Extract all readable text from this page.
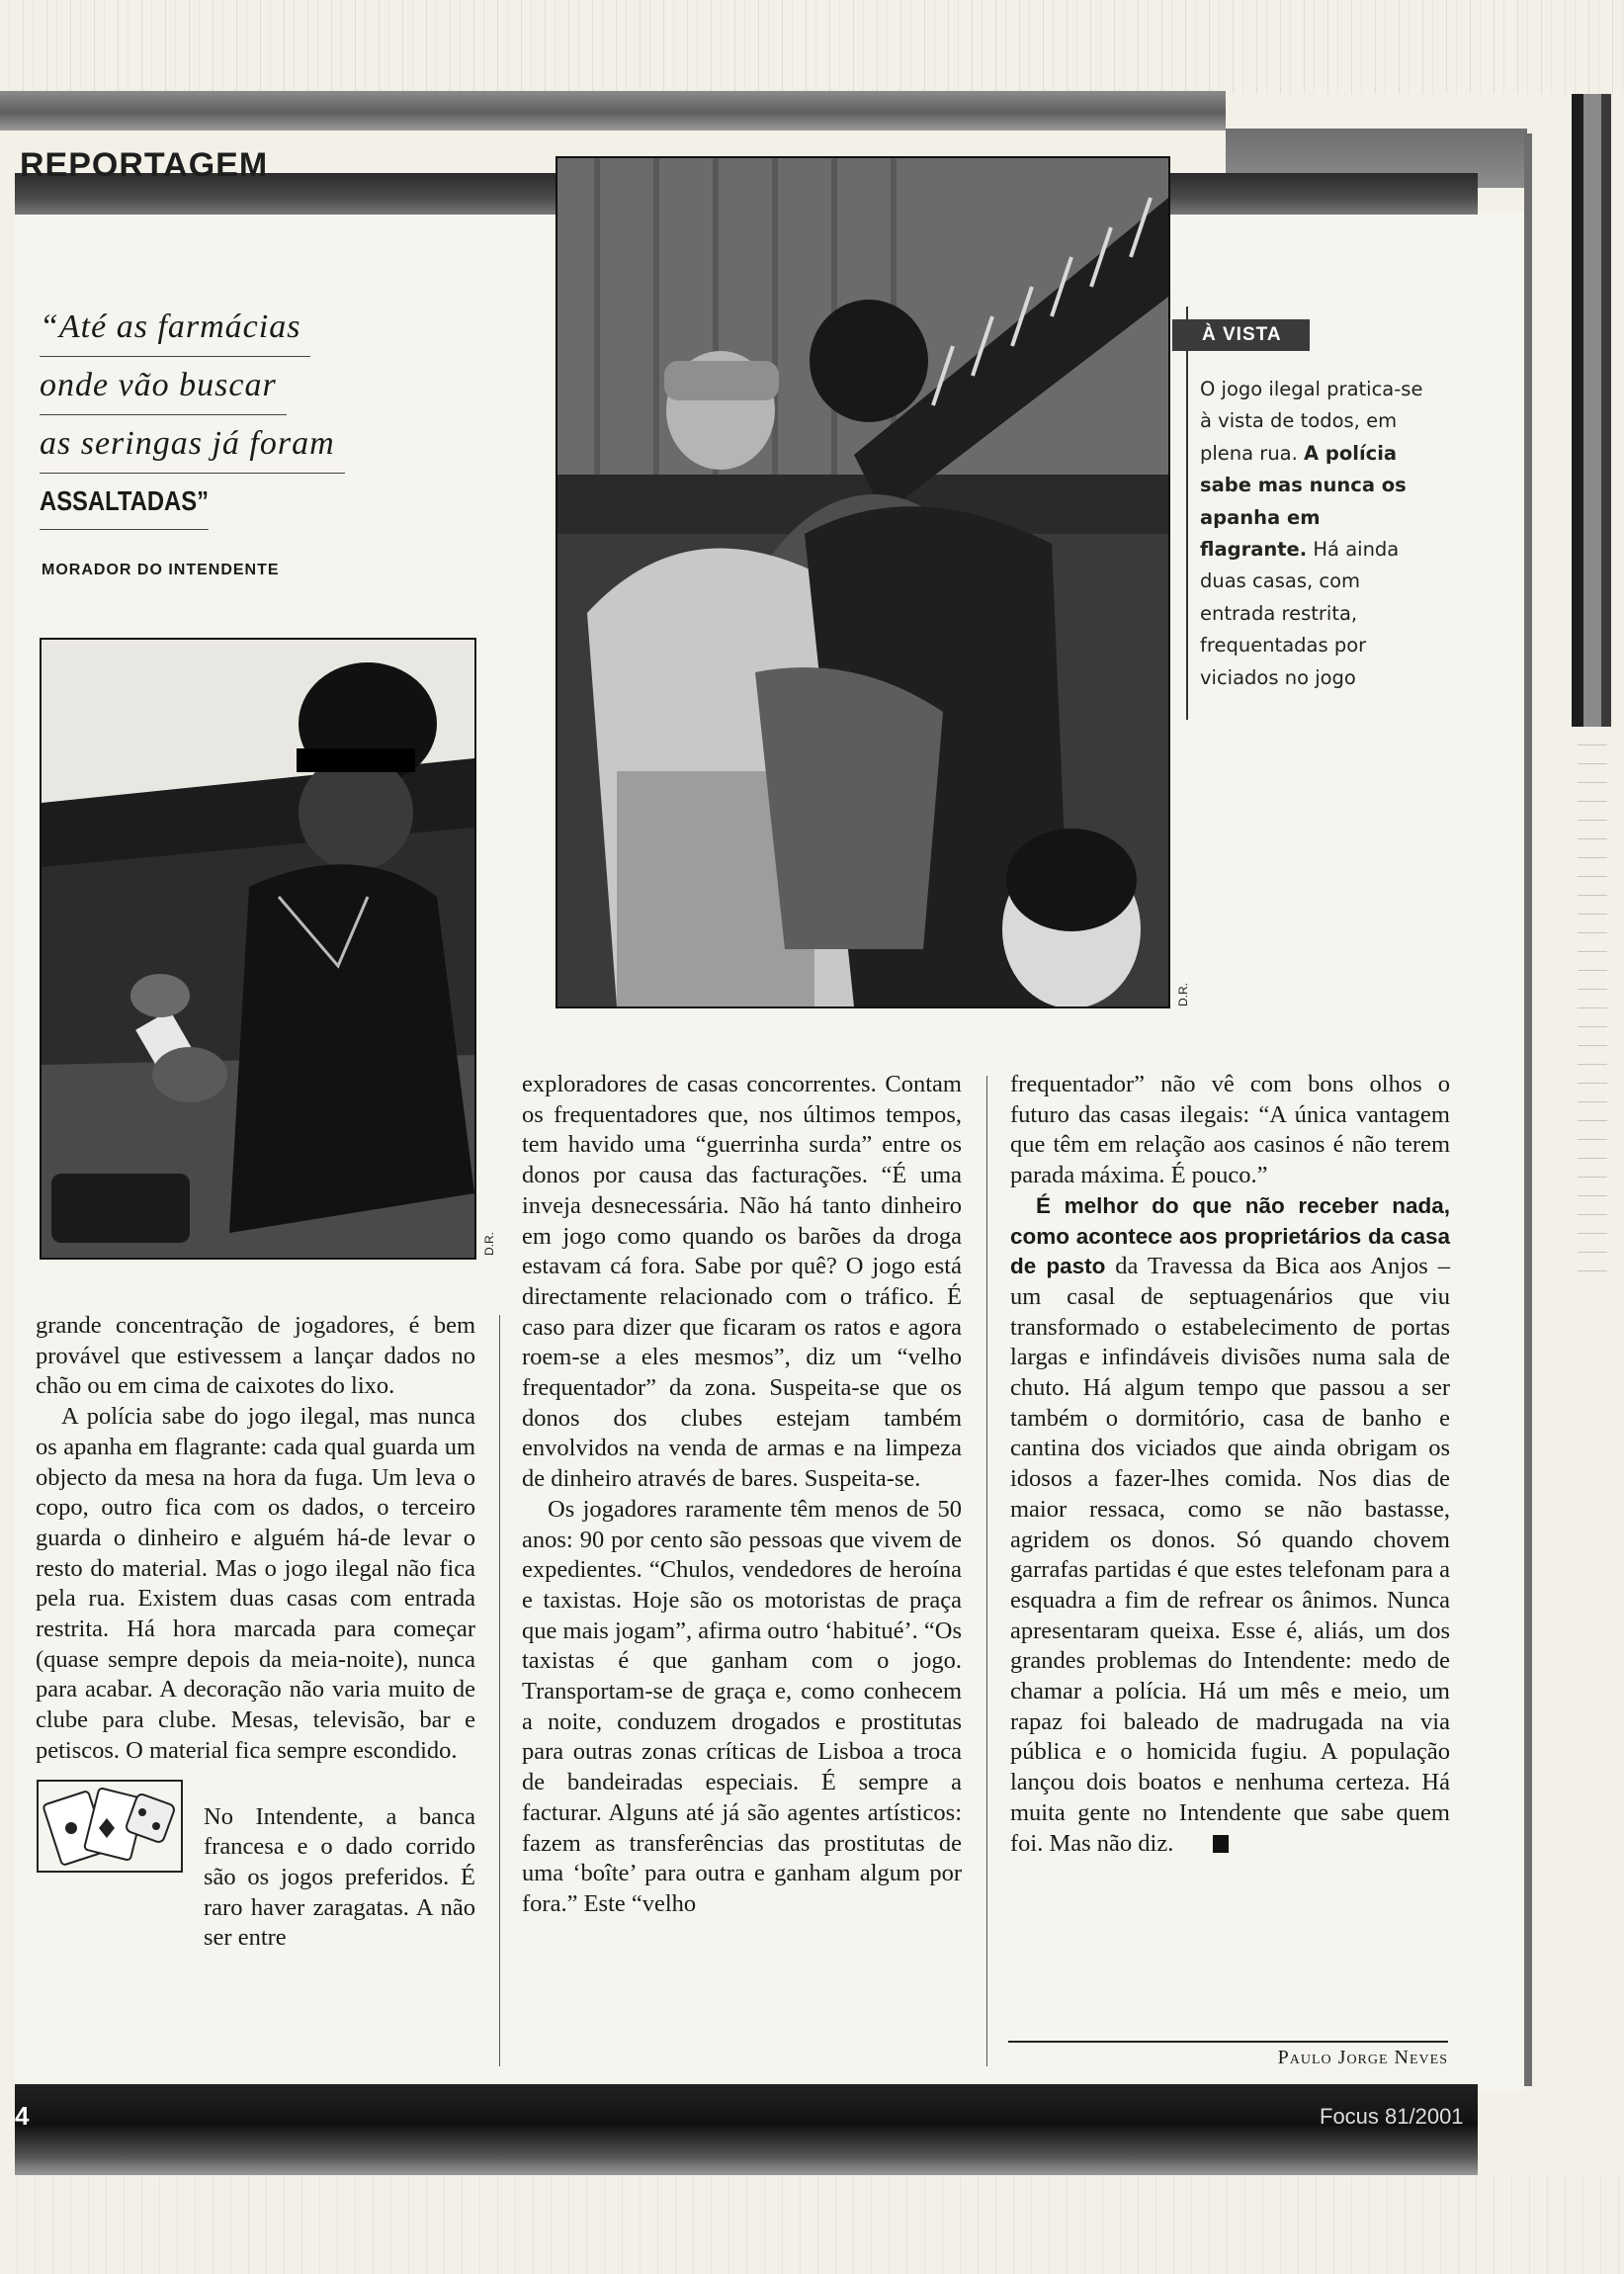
REPORTAGEM
4	Focus 81/2001
“Até as farmácias
onde vão buscar
as seringas já foram
ASSALTADAS”
MORADOR DO INTENDENTE
D.R.
D.R.
À VISTA
O jogo ilegal pratica-se à vista de todos, em plena rua. A polícia sabe mas nunca os apanha em flagrante. Há ainda duas casas, com entrada restrita, frequentadas por viciados no jogo

grande concentração de jogadores, é bem provável que estivessem a lançar dados no chão ou em cima de caixotes do lixo.

A polícia sabe do jogo ilegal, mas nunca os apanha em flagrante: cada qual guarda um objecto da mesa na hora da fuga. Um leva o copo, outro fica com os dados, o terceiro guarda o dinheiro e alguém há-de levar o resto do material. Mas o jogo ilegal não fica pela rua. Existem duas casas com entrada restrita. Há hora marcada para começar (quase sempre depois da meia-noite), nunca para acabar. A decoração não varia muito de clube para clube. Mesas, televisão, bar e petiscos. O material fica sempre escondido.

No Intendente, a banca francesa e o dado corrido são os jogos preferidos. É raro haver zaragatas. A não ser entre

exploradores de casas concorrentes. Contam os frequentadores que, nos últimos tempos, tem havido uma “guerrinha surda” entre os donos por causa das facturações. “É uma inveja desnecessária. Não há tanto dinheiro em jogo como quando os barões da droga estavam cá fora. Sabe por quê? O jogo está directamente relacionado com o tráfico. É caso para dizer que ficaram os ratos e agora roem-se a eles mesmos”, diz um “velho frequentador” da zona. Suspeita-se que os donos dos clubes estejam também envolvidos na venda de armas e na limpeza de dinheiro através de bares. Suspeita-se.

Os jogadores raramente têm menos de 50 anos: 90 por cento são pessoas que vivem de expedientes. “Chulos, vendedores de heroína e taxistas. Hoje são os motoristas de praça que mais jogam”, afirma outro ‘habitué’. “Os taxistas é que ganham com o jogo. Transportam-se de graça e, como conhecem a noite, conduzem drogados e prostitutas para outras zonas críticas de Lisboa a troca de bandeiradas especiais. É sempre a facturar. Alguns até já são agentes artísticos: fazem as transferências das prostitutas de uma ‘boîte’ para outra e ganham algum por fora.” Este “velho

frequentador” não vê com bons olhos o futuro das casas ilegais: “A única vantagem que têm em relação aos casinos é não terem parada máxima. É pouco.”

É melhor do que não receber nada, como acontece aos proprietários da casa de pasto da Travessa da Bica aos Anjos – um casal de septuagenários que viu transformado o estabelecimento de portas largas e infindáveis divisões numa sala de chuto. Há algum tempo que passou a ser também o dormitório, casa de banho e cantina dos viciados que ainda obrigam os idosos a fazer-lhes comida. Nos dias de maior ressaca, como se não bastasse, agridem os donos. Só quando chovem garrafas partidas é que estes telefonam para a esquadra a fim de refrear os ânimos. Nunca apresentaram queixa. Esse é, aliás, um dos grandes problemas do Intendente: medo de chamar a polícia. Há um mês e meio, um rapaz foi baleado de madrugada na via pública e o homicida fugiu. A população lançou dois boatos e nenhuma certeza. Há muita gente no Intendente que sabe quem foi. Mas não diz.

Paulo Jorge Neves
